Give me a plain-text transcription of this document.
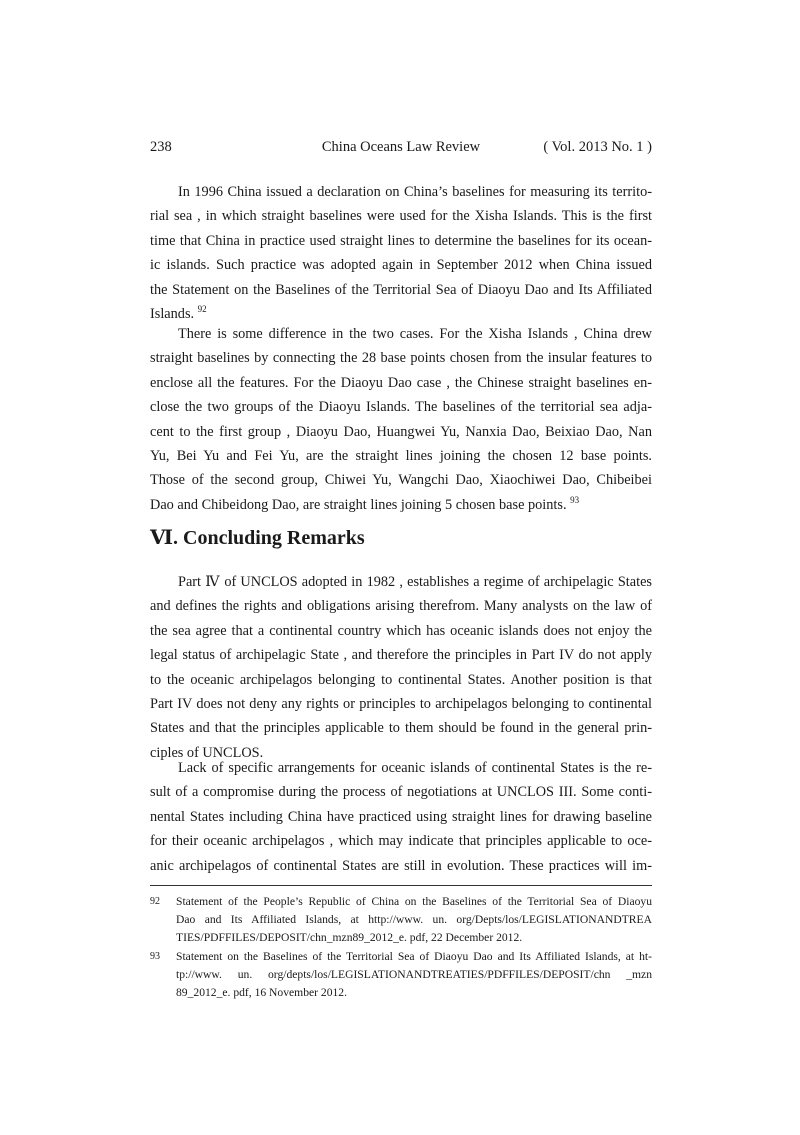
238	China Oceans Law Review	( Vol. 2013 No. 1 )

In 1996 China issued a declaration on China’s baselines for measuring its territo-
rial sea , in which straight baselines were used for the Xisha Islands. This is the first
time that China in practice used straight lines to determine the baselines for its ocean-
ic islands. Such practice was adopted again in September 2012 when China issued
the Statement on the Baselines of the Territorial Sea of Diaoyu Dao and Its Affiliated
Islands. $^{92}$

There is some difference in the two cases. For the Xisha Islands , China drew
straight baselines by connecting the 28 base points chosen from the insular features to
enclose all the features. For the Diaoyu Dao case , the Chinese straight baselines en-
close the two groups of the Diaoyu Islands. The baselines of the territorial sea adja-
cent to the first group , Diaoyu Dao, Huangwei Yu, Nanxia Dao, Beixiao Dao, Nan
Yu, Bei Yu and Fei Yu, are the straight lines joining the chosen 12 base points.
Those of the second group, Chiwei Yu, Wangchi Dao, Xiaochiwei Dao, Chibeibei
Dao and Chibeidong Dao, are straight lines joining 5 chosen base points. $^{93}$

Ⅵ. Concluding Remarks

Part Ⅳ of UNCLOS adopted in 1982 , establishes a regime of archipelagic States
and defines the rights and obligations arising therefrom. Many analysts on the law of
the sea agree that a continental country which has oceanic islands does not enjoy the
legal status of archipelagic State , and therefore the principles in Part IV do not apply
to the oceanic archipelagos belonging to continental States. Another position is that
Part IV does not deny any rights or principles to archipelagos belonging to continental
States and that the principles applicable to them should be found in the general prin-
ciples of UNCLOS.

Lack of specific arrangements for oceanic islands of continental States is the re-
sult of a compromise during the process of negotiations at UNCLOS III. Some conti-
nental States including China have practiced using straight lines for drawing baseline
for their oceanic archipelagos , which may indicate that principles applicable to oce-
anic archipelagos of continental States are still in evolution. These practices will im-

92 Statement of the People’s Republic of China on the Baselines of the Territorial Sea of Diaoyu
Dao and Its Affiliated Islands, at http://www. un. org/Depts/los/LEGISLATIONANDTREA
TIES/PDFFILES/DEPOSIT/chn_mzn89_2012_e. pdf, 22 December 2012.
93 Statement on the Baselines of the Territorial Sea of Diaoyu Dao and Its Affiliated Islands, at ht-
tp://www. un. org/depts/los/LEGISLATIONANDTREATIES/PDFFILES/DEPOSIT/chn _mzn
89_2012_e. pdf, 16 November 2012.
